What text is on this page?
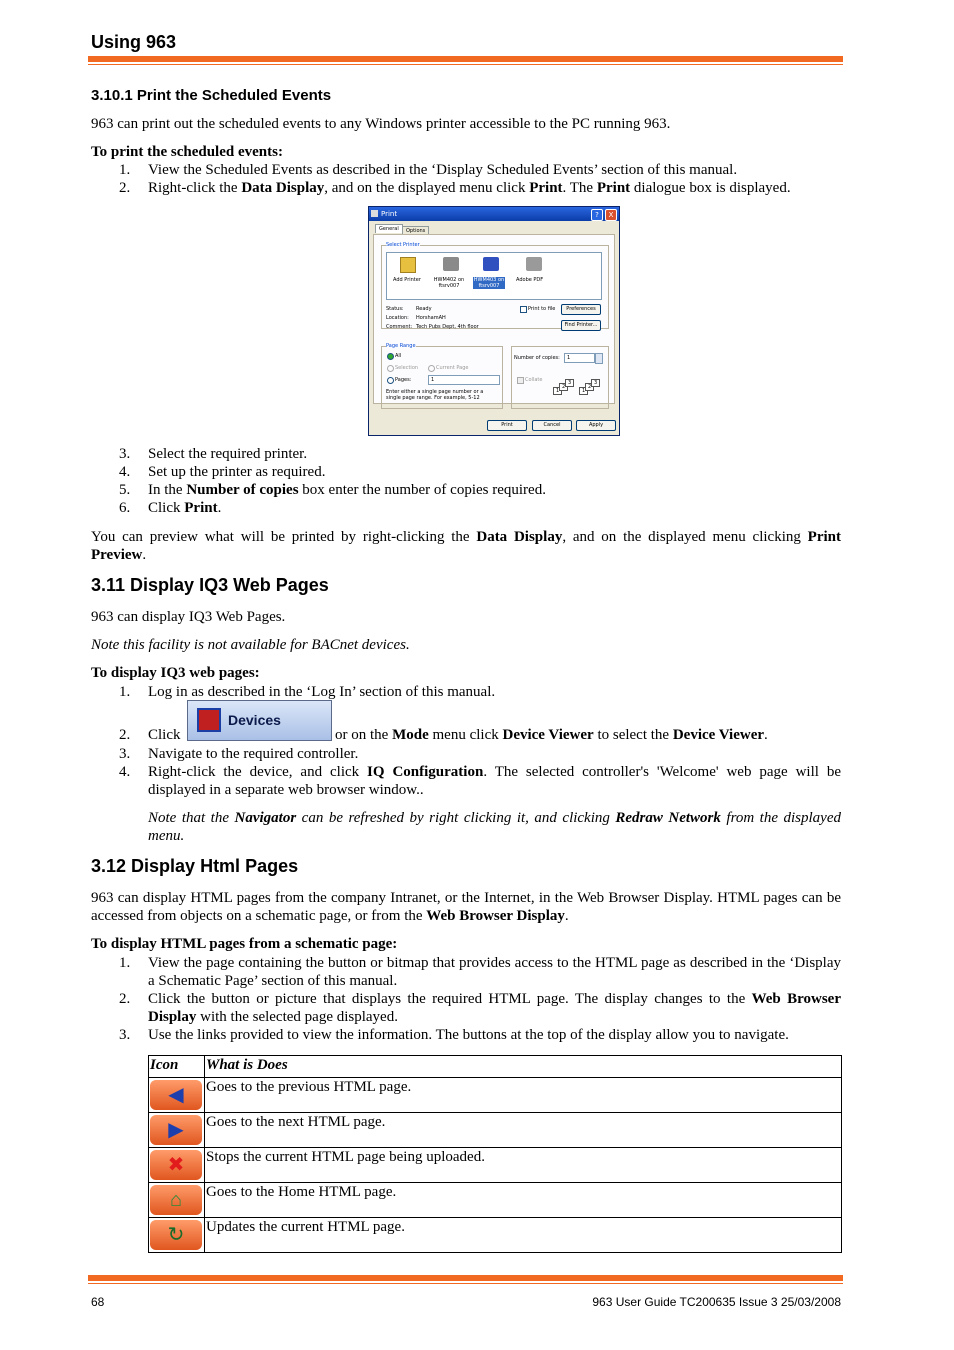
Using 963
3.10.1 Print the Scheduled Events

963 can print out the scheduled events to any Windows printer accessible to the PC running 963.

To print the scheduled events:

1. View the Scheduled Events as described in the ‘Display Scheduled Events’ section of this manual.
2. Right-click the Data Display, and on the displayed menu click Print. The Print dialogue box is displayed.
Print	?	X
General	Options
Select Printer
Add Printer	HWM402 on ftsrv007
HWM403 on ftsrv007
Adobe PDF
Status: Ready
Location: HorshamAH
Comment: Tech Pubs Dept, 4th floor
Print to file	Preferences
Find Printer...
Page Range
All
Selection	Current Page
Pages:	1
Enter either a single page number or a single page range. For example, 5-12
Number of copies:	1
Collate
1
2
3
1
2
3
Print	Cancel	Apply
3. Select the required printer.
4. Set up the printer as required.
5. In the Number of copies box enter the number of copies required.
6. Click Print.

You can preview what will be printed by right-clicking the Data Display, and on the displayed menu clicking Print Preview.

3.11 Display IQ3 Web Pages

963 can display IQ3 Web Pages.

Note this facility is not available for BACnet devices.

To display IQ3 web pages:

1. Log in as described in the ‘Log In’ section of this manual.
Devices
2. Click	or on the Mode menu click Device Viewer to select the Device Viewer.
3. Navigate to the required controller.
4. Right-click the device, and click IQ Configuration. The selected controller's 'Welcome' web page will be displayed in a separate web browser window..

Note that the Navigator can be refreshed by right clicking it, and clicking Redraw Network from the displayed menu.

3.12 Display Html Pages

963 can display HTML pages from the company Intranet, or the Internet, in the Web Browser Display. HTML pages can be accessed from objects on a schematic page, or from the Web Browser Display.

To display HTML pages from a schematic page:

1. View the page containing the button or bitmap that provides access to the HTML page as described in the ‘Display a Schematic Page’ section of this manual.
2. Click the button or picture that displays the required HTML page. The display changes to the Web Browser Display with the selected page displayed.
3. Use the links provided to view the information. The buttons at the top of the display allow you to navigate.
Icon	What is Does

◀	Goes to the previous HTML page.

▶	Goes to the next HTML page.

✖	Stops the current HTML page being uploaded.

⌂	Goes to the Home HTML page.

↻	Updates the current HTML page.
68	963 User Guide TC200635 Issue 3 25/03/2008
